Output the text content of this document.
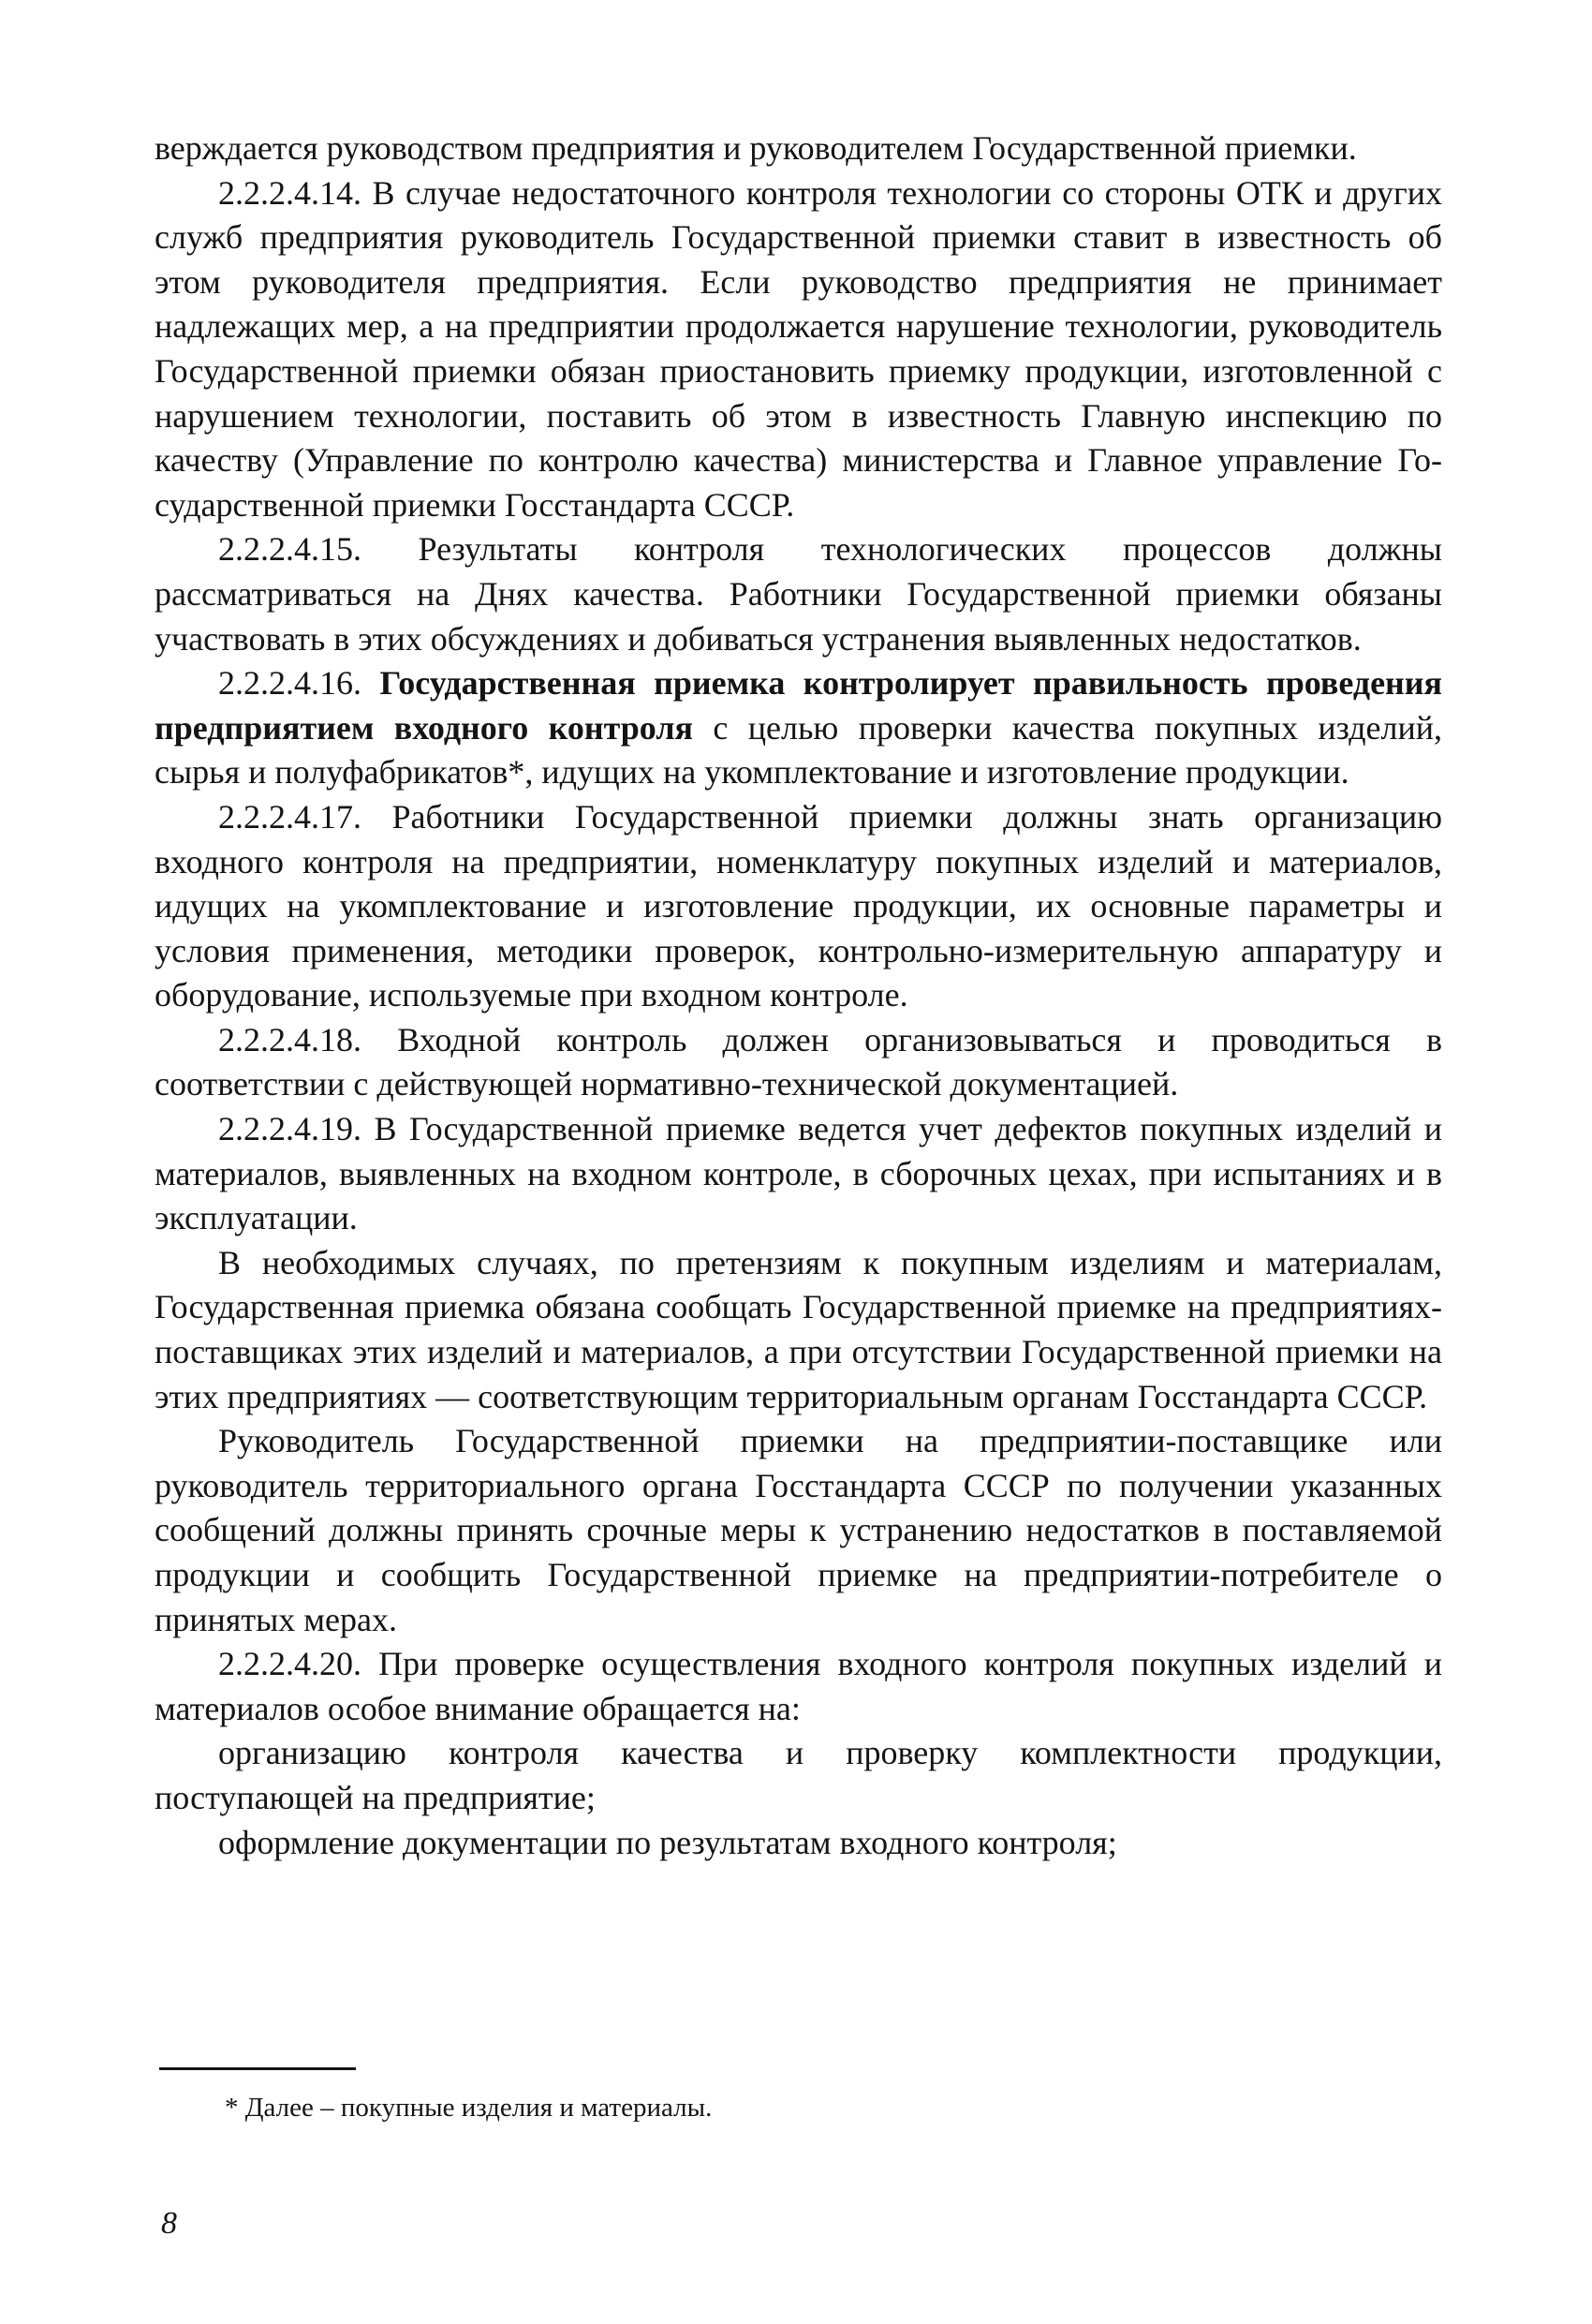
верждается руководством предприятия и руководителем Государственной приемки.

2.2.2.4.14. В случае недостаточного контроля технологии со стороны ОТК и других служб предприятия руководитель Государственной приемки ставит в известность об этом руководителя предприятия. Если руководство предприятия не принимает надлежащих мер, а на предприятии продолжается нарушение технологии, руководитель Государственной приемки обязан приостановить приемку продукции, изготовленной с нарушением технологии, поставить об этом в известность Главную инспекцию по качеству (Управление по контролю качества) министерства и Главное управление Государственной приемки Госстандарта СССР.

2.2.2.4.15. Результаты контроля технологических процессов должны рассматриваться на Днях качества. Работники Государственной приемки обязаны участвовать в этих обсуждениях и добиваться устранения выявленных недостатков.

2.2.2.4.16. Государственная приемка контролирует правильность проведения предприятием входного контроля с целью проверки качества покупных изделий, сырья и полуфабрикатов*, идущих на укомплектование и изготовление продукции.

2.2.2.4.17. Работники Государственной приемки должны знать организацию входного контроля на предприятии, номенклатуру покупных изделий и материалов, идущих на укомплектование и изготовление продукции, их основные параметры и условия применения, методики проверок, контрольно-измерительную аппаратуру и оборудование, используемые при входном контроле.

2.2.2.4.18. Входной контроль должен организовываться и проводиться в соответствии с действующей нормативно-технической документацией.

2.2.2.4.19. В Государственной приемке ведется учет дефектов покупных изделий и материалов, выявленных на входном контроле, в сборочных цехах, при испытаниях и в эксплуатации.

В необходимых случаях, по претензиям к покупным изделиям и материалам, Государственная приемка обязана сообщать Государственной приемке на предприятиях-поставщиках этих изделий и материалов, а при отсутствии Государственной приемки на этих предприятиях — соответствующим территориальным органам Госстандарта СССР.

Руководитель Государственной приемки на предприятии-поставщике или руководитель территориального органа Госстандарта СССР по получении указанных сообщений должны принять срочные меры к устранению недостатков в поставляемой продукции и сообщить Государственной приемке на предприятии-потребителе о принятых мерах.

2.2.2.4.20. При проверке осуществления входного контроля покупных изделий и материалов особое внимание обращается на:

организацию контроля качества и проверку комплектности продукции, поступающей на предприятие;

оформление документации по результатам входного контроля;

* Далее – покупные изделия и материалы.

8
